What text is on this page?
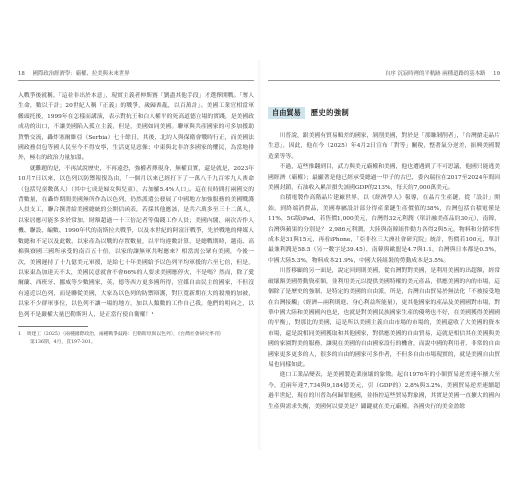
18 國際政治經濟學：霸權、拉美與未來世界

入戰爭後就稱，「這並非出於本意」，現實主義者伸斯賽「劉盡其他手段」才選擇開戰。「奪人生命，數以千計；20世紀人稱『正義』的戰爭，歲歸喪亂，以百萬計」。美國工業官相當軍艦頭托後，1999年在怎樣而講演，表示對抗王和白人權平的死高道德立場的實踐，是美國政成功的出口，不讓美國陷入孤立主義，但是，美國如同美國。聯軍與共產國家的可多加援助貨幣交流，轟炸塞爾維亞（Serbia）七十餘日，其後，北約人與保衛會戰時行正，而美國法國政務員包等國人民至今不得安寧，生活更見惡像；中東與北非許多國家的懼民，為當地排外，極右的政治力量加溫。

就難題的是，不再試說歷史，不再遠恐，強權者擇現身，無權頁實，還是就是，2023年10月7日以來，以色列以防禦報復為由，「一個月以來已經打下了一萬八千九百零九人喪命（包括兒童數萬人）（其中七成是婦女與兒童），古加羅5.4%人口」。這在長時間打兩國交的背數量，在轟炸期間美國無所作為以色列，仍然派遣公發展了中國地方加強服務的美國戰護人員支工，聯合撰書給美國總統的公開信函表，若採其他應該，是共六萬多至三十二萬人，以家居應可能多多於常加，財額超過一十三倍記者等傷錢工作人員；美國內閣、兩次否作人機、聯設、編數、1990年代的南斯拉夫戰爭，以及本世紀的阿富汗戰爭，先於戰地的傳媒人數總和不足以及此數，以家產為以戰的存置數量，以平均違數計算，是總戰期時，越南、高棉與寮國三國所承受的南百五十倍，以家的讓無軍共喔應來？相當需公眾有美國，今後一次，美國遲持了十九億美元軍援，是給七十年美國給予以色列平均軍援的六至七倍，但是，以家東為加達天不太，美國民意就會不會66%的人要求美國應停火，不是嗎？然而，除了愛爾蘭、西班牙、挪威等少數國家，英、德等西方更多國所得，官媒自由民主的國家，不但沒有遠近以色列，而是聯從美國，大家為以色列的防禦辯護，對巨寬新期在大的殺飛的加被，以家不少群軍事位，以色列不讓一場的地方，加以人類數的工作自己我，他們的明向之，以色列不是嚴權大量巴勒斯坦人，是正當行使自衛權！¹

1 周建工（2025）〈兩種國際政治，兩種戰爭歧路：巴勒斯坦與以色列〉，《台灣社會研究季刊》
第136期，4月，頁197-301。
自序 沉寂時裡的平軌跡 兩種道路的基本路 19
自由貿易	歷史的強制

川普說，跟美國有貿易順差的國家，剝削美國，對於是「那賺剝削者」，「台灣搶走晶片生意」，因此，他在今（2025）年4月2日宣布「對等」關稅，整著氣分逆差，振興美國製造業等等。

不過，這些推翻到目，武力與美元霸權和美國，他也遭遇到了不可思議，他國只能逃美國經濟（霸權）；最顯著是他已經承受總過一甲子的古巴，委內瑞拉在2017至2024年間因美國封鎖，石油收入累計損失該國GDP的213%，每天約7,000萬美元。

台積電製作高階晶片建廠世界，以《經濟學人》報導，在晶片生產鏈，從「設計」開始，到終端消費品，美國專屬設計部分得產業鏈生產價值的38%，台灣包括台積電僅是11%，5G版iPad，若售價1,000美元，台灣得32元利潤（單計融美產品約30元），南韓，台灣與蘋果的分別是？ 2,986元利潤，大陸與南韓組件動力各得2與5元，物料和分銷零售成本是31與15元，再看iPhone，「亞非拉三大洲社會研究院」統計，售價若100元，單計最兼利潤是58.5（另一數字是39.45），南韓與歐盟是4.7與1.1，台灣與日本都是0.5%，中國大陸5.3%，物料成本21.9%，中國大陸組裝的勞動成本是3.5%。

川普移顧的另一面是，說定回到則美國，從台灣對對美國，是利用美國的出超額，經常破壞額美國勞動資產額，並利用美元以提供美國特權的美元產品，供應美國的內的市場，這個除了是歷史的強制，是特定的美國的自由派，所是，台灣自由貿易於無法化「不被接受地在台灣接觸」（經濟—兩利則進、身心利益所能量），更其他國家的產品及美國國對市場，對華中國大陸和美國國內也是，也就是對美國民族國家生產的優勢也不好，在美國獲得美國國的平衡」，對那比的美國，這是所以美國主義自由市場的市場的，美國還收了大美國的資本市場，還是說相同美國獲取和其他國家，對供應美國的自由貿易，這就是相信其在美國與美國的家園對美的服務，讓現在美國的自由國家設行的機會，而說中國的利用者，非常的自由國家更多更多的人，很多的自由的國家可多作者，不但多自由市場現實的，就是美國自由貿易也同樣如此。

進口工業品變表，是美國製造業崩壞的象徵。起自1976年的小額貿易逆差連年擴大至今，近兩年達7,734與9,184億美元，引（GDP的）2.8%與3.2%，美國貿易逆差連續超過半世紀，現在的川普為何歸罪他國，並指控這些貿易對象國，其實是美國一直擴大的國內生產與需求失衡，美國何以要美是？闢鍵就在美元霸權，各國央行的美金盈餘
